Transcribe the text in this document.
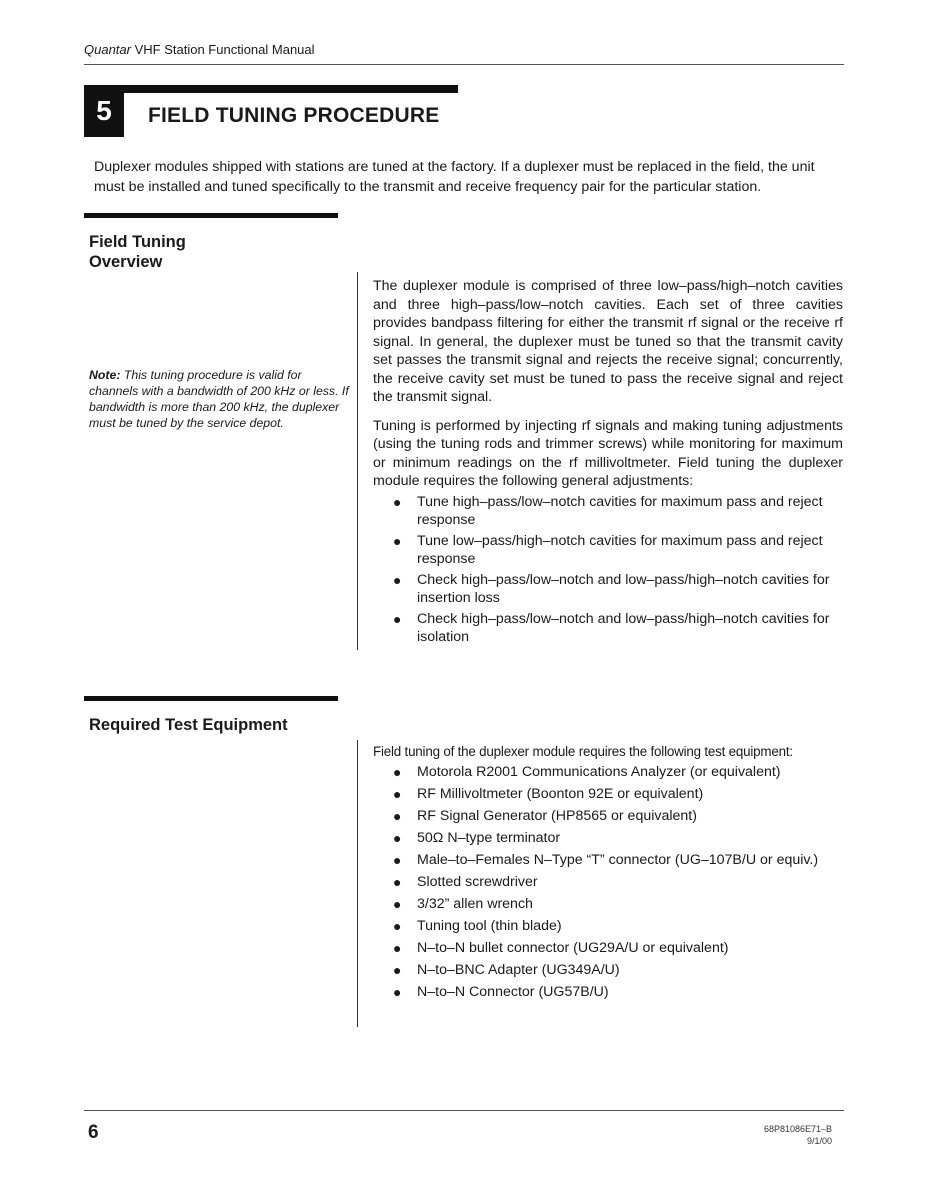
Quantar VHF Station Functional Manual
5 FIELD TUNING PROCEDURE
Duplexer modules shipped with stations are tuned at the factory. If a duplexer must be replaced in the field, the unit must be installed and tuned specifically to the transmit and receive frequency pair for the particular station.
Field Tuning
Overview
Note: This tuning procedure is valid for channels with a bandwidth of 200 kHz or less. If bandwidth is more than 200 kHz, the duplexer must be tuned by the service depot.

The duplexer module is comprised of three low–pass/high–notch cavities and three high–pass/low–notch cavities. Each set of three cavities provides bandpass filtering for either the transmit rf signal or the receive rf signal. In general, the duplexer must be tuned so that the transmit cavity set passes the transmit signal and rejects the receive signal; concurrently, the receive cavity set must be tuned to pass the receive signal and reject the transmit signal.

Tuning is performed by injecting rf signals and making tuning adjustments (using the tuning rods and trimmer screws) while monitoring for maximum or minimum readings on the rf millivoltmeter. Field tuning the duplexer module requires the following general adjustments:

● Tune high–pass/low–notch cavities for maximum pass and reject response
● Tune low–pass/high–notch cavities for maximum pass and reject response
● Check high–pass/low–notch and low–pass/high–notch cavities for insertion loss
● Check high–pass/low–notch and low–pass/high–notch cavities for isolation
Required Test Equipment
Field tuning of the duplexer module requires the following test equipment:
● Motorola R2001 Communications Analyzer (or equivalent)
● RF Millivoltmeter (Boonton 92E or equivalent)
● RF Signal Generator (HP8565 or equivalent)
● 50Ω N–type terminator
● Male–to–Females N–Type “T” connector (UG–107B/U or equiv.)
● Slotted screwdriver
● 3/32” allen wrench
● Tuning tool (thin blade)
● N–to–N bullet connector (UG29A/U or equivalent)
● N–to–BNC Adapter (UG349A/U)
● N–to–N Connector (UG57B/U)
6	68P81086E71–B
9/1/00
